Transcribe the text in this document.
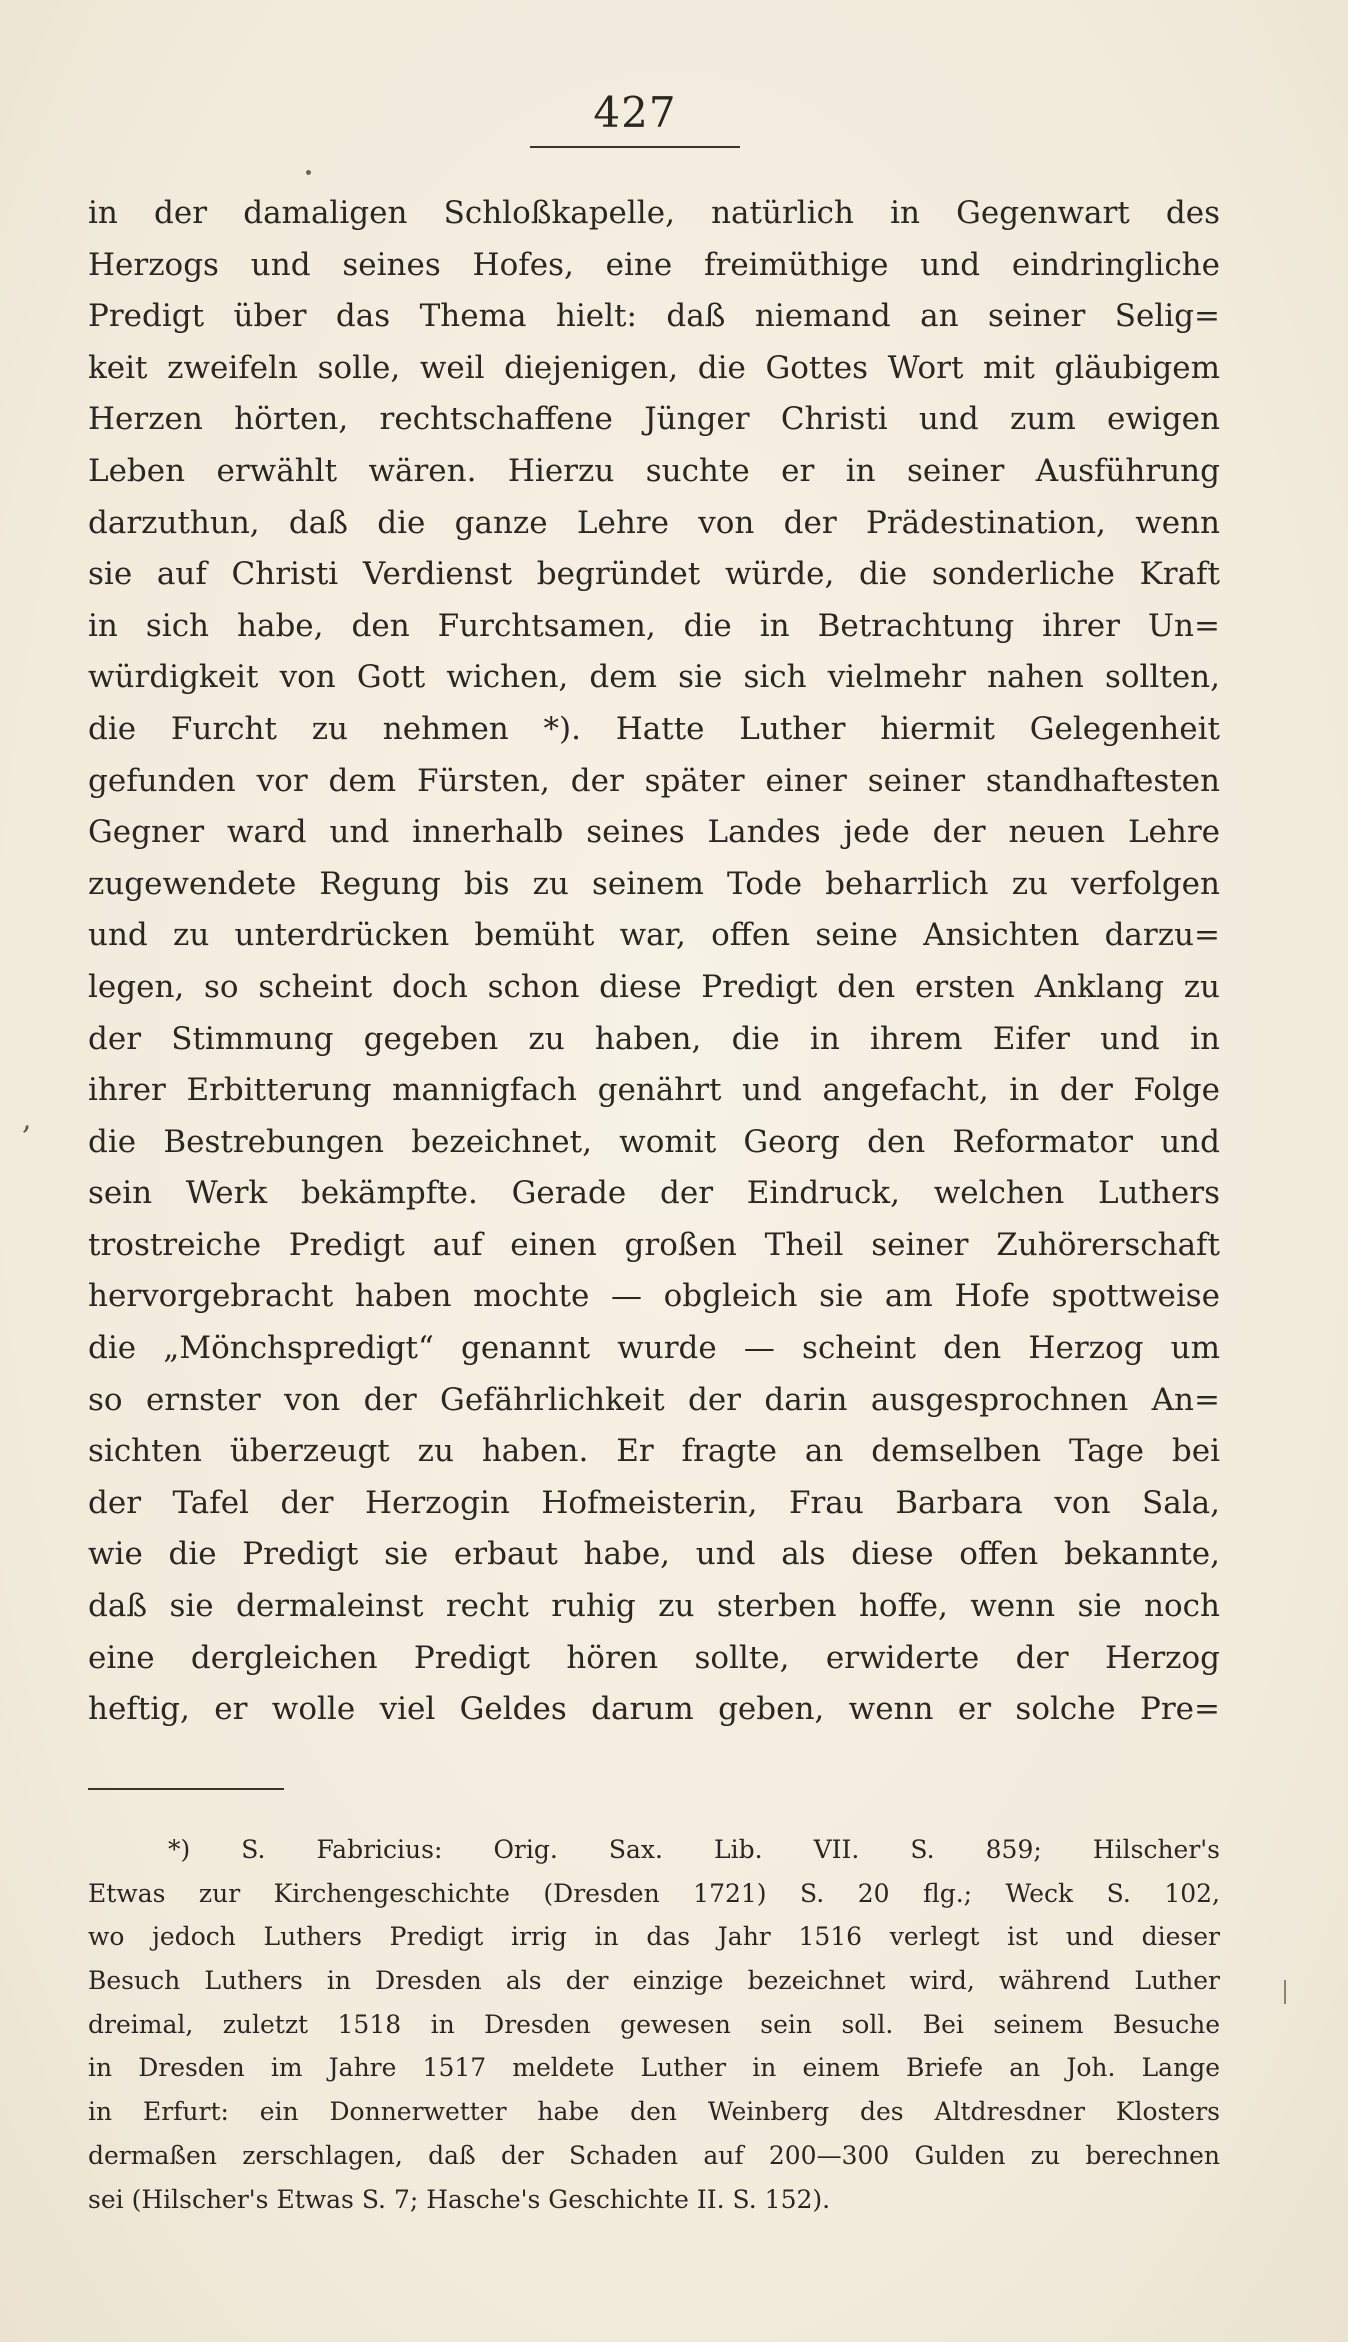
427
in der damaligen Schloßkapelle, natürlich in Gegenwart des
Herzogs und seines Hofes, eine freimüthige und eindringliche
Predigt über das Thema hielt: daß niemand an seiner Selig=
keit zweifeln solle, weil diejenigen, die Gottes Wort mit gläubigem
Herzen hörten, rechtschaffene Jünger Christi und zum ewigen
Leben erwählt wären. Hierzu suchte er in seiner Ausführung
darzuthun, daß die ganze Lehre von der Prädestination, wenn
sie auf Christi Verdienst begründet würde, die sonderliche Kraft
in sich habe, den Furchtsamen, die in Betrachtung ihrer Un=
würdigkeit von Gott wichen, dem sie sich vielmehr nahen sollten,
die Furcht zu nehmen *). Hatte Luther hiermit Gelegenheit
gefunden vor dem Fürsten, der später einer seiner standhaftesten
Gegner ward und innerhalb seines Landes jede der neuen Lehre
zugewendete Regung bis zu seinem Tode beharrlich zu verfolgen
und zu unterdrücken bemüht war, offen seine Ansichten darzu=
legen, so scheint doch schon diese Predigt den ersten Anklang zu
der Stimmung gegeben zu haben, die in ihrem Eifer und in
ihrer Erbitterung mannigfach genährt und angefacht, in der Folge
die Bestrebungen bezeichnet, womit Georg den Reformator und
sein Werk bekämpfte. Gerade der Eindruck, welchen Luthers
trostreiche Predigt auf einen großen Theil seiner Zuhörerschaft
hervorgebracht haben mochte — obgleich sie am Hofe spottweise
die „Mönchspredigt“ genannt wurde — scheint den Herzog um
so ernster von der Gefährlichkeit der darin ausgesprochnen An=
sichten überzeugt zu haben. Er fragte an demselben Tage bei
der Tafel der Herzogin Hofmeisterin, Frau Barbara von Sala,
wie die Predigt sie erbaut habe, und als diese offen bekannte,
daß sie dermaleinst recht ruhig zu sterben hoffe, wenn sie noch
eine dergleichen Predigt hören sollte, erwiderte der Herzog
heftig, er wolle viel Geldes darum geben, wenn er solche Pre=
,
*) S. Fabricius: Orig. Sax. Lib. VII. S. 859; Hilscher's
Etwas zur Kirchengeschichte (Dresden 1721) S. 20 flg.; Weck S. 102,
wo jedoch Luthers Predigt irrig in das Jahr 1516 verlegt ist und dieser
Besuch Luthers in Dresden als der einzige bezeichnet wird, während Luther
dreimal, zuletzt 1518 in Dresden gewesen sein soll. Bei seinem Besuche
in Dresden im Jahre 1517 meldete Luther in einem Briefe an Joh. Lange
in Erfurt: ein Donnerwetter habe den Weinberg des Altdresdner Klosters
dermaßen zerschlagen, daß der Schaden auf 200—300 Gulden zu berechnen
sei (Hilscher's Etwas S. 7; Hasche's Geschichte II. S. 152).
